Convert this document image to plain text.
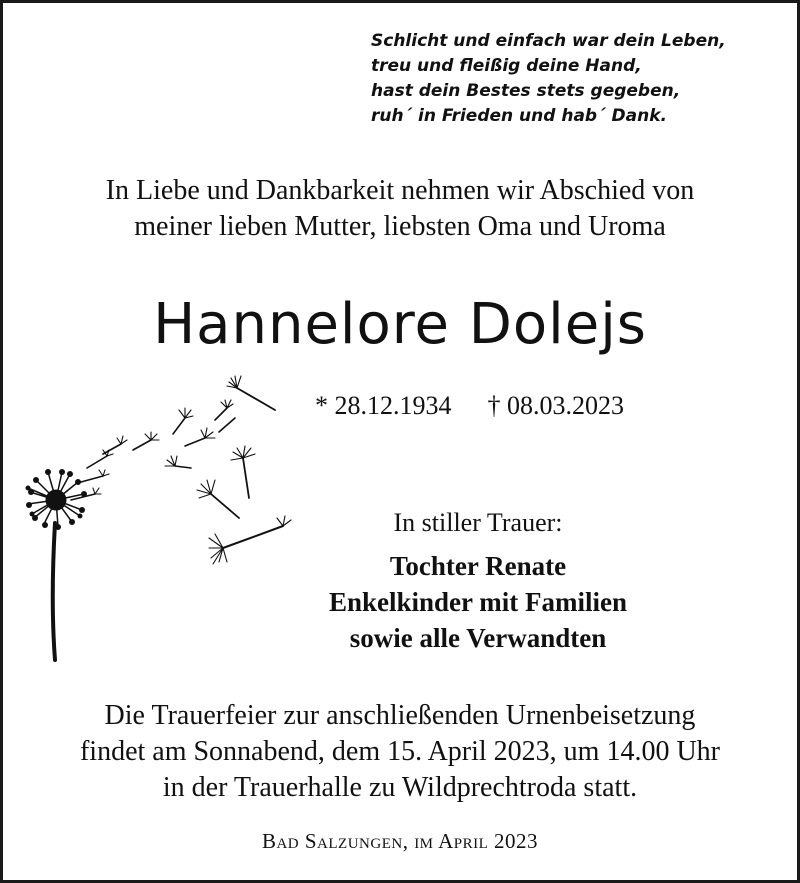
Schlicht und einfach war dein Leben,
treu und fleißig deine Hand,
hast dein Bestes stets gegeben,
ruh´ in Frieden und hab´ Dank.
In Liebe und Dankbarkeit nehmen wir Abschied von
meiner lieben Mutter, liebsten Oma und Uroma
Hannelore Dolejs
* 28.12.1934 † 08.03.2023
In stiller Trauer:
Tochter Renate
Enkelkinder mit Familien
sowie alle Verwandten
Die Trauerfeier zur anschließenden Urnenbeisetzung
findet am Sonnabend, dem 15. April 2023, um 14.00 Uhr
in der Trauerhalle zu Wildprechtroda statt.
Bad Salzungen, im April 2023
